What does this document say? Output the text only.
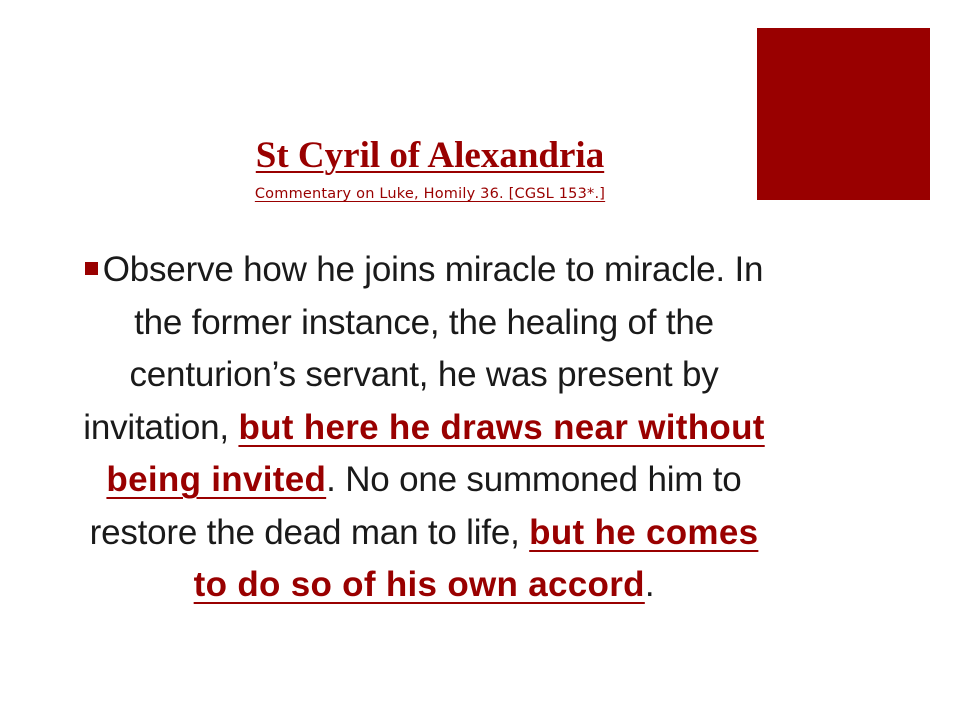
St Cyril of Alexandria
Commentary on Luke, Homily 36. [CGSL 153*.]
Observe how he joins miracle to miracle. In the former instance, the healing of the centurion’s servant, he was present by invitation, but here he draws near without being invited. No one summoned him to restore the dead man to life, but he comes to do so of his own accord.
